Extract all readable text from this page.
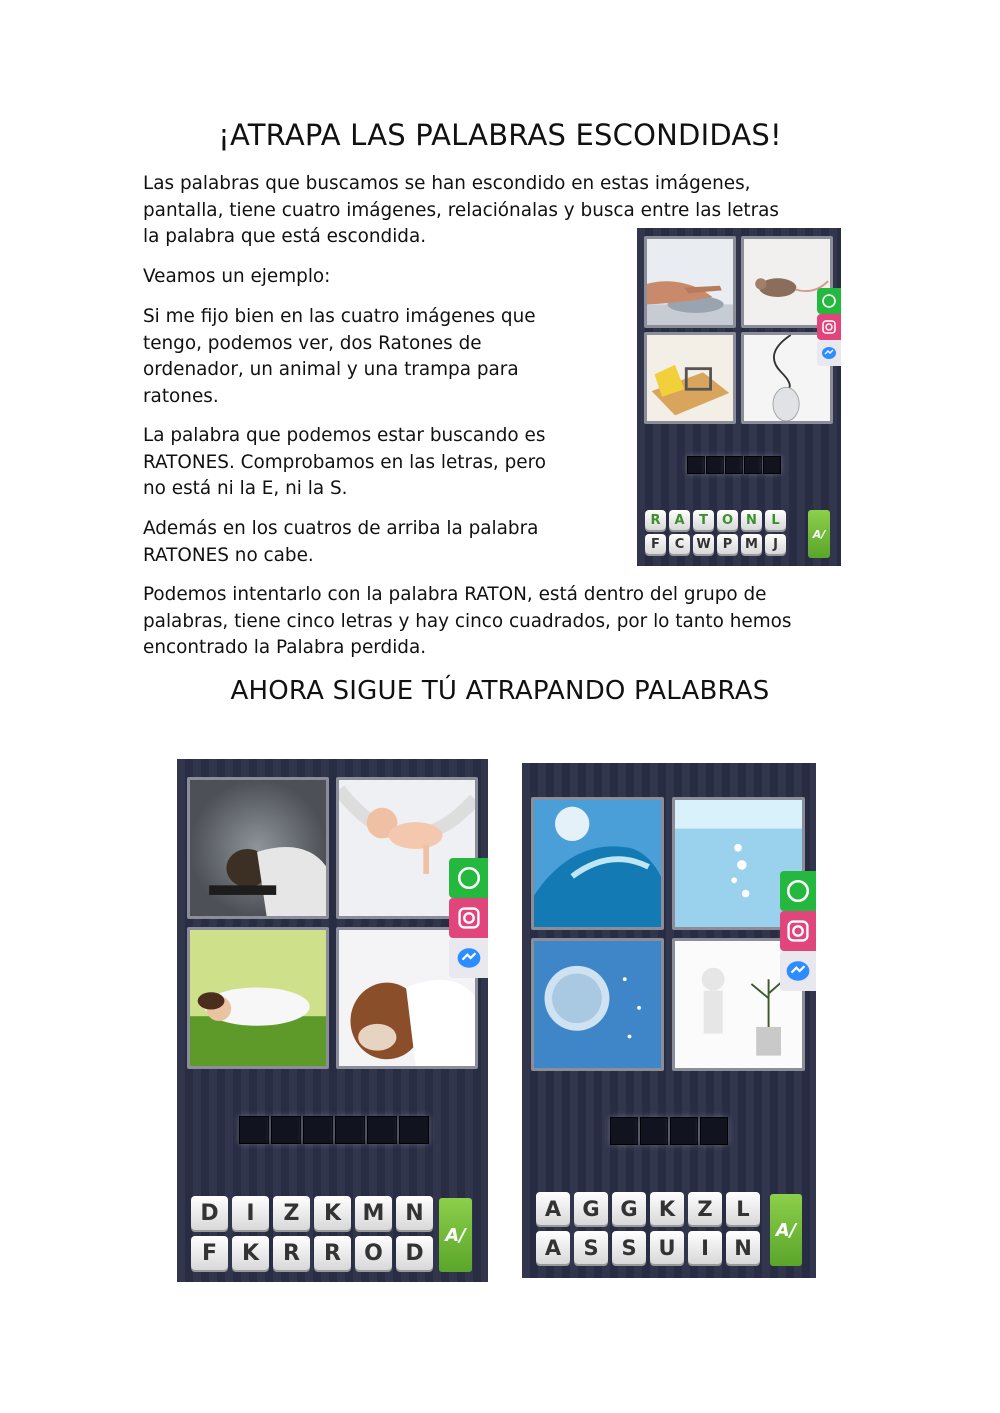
¡ATRAPA LAS PALABRAS ESCONDIDAS!

Las palabras que buscamos se han escondido en estas imágenes,
pantalla, tiene cuatro imágenes, relaciónalas y busca entre las letras
la palabra que está escondida.

Veamos un ejemplo:

Si me fijo bien en las cuatro imágenes que
tengo, podemos ver, dos Ratones de
ordenador, un animal y una trampa para
ratones.

La palabra que podemos estar buscando es
RATONES. Comprobamos en las letras, pero
no está ni la E, ni la S.

Además en los cuatros de arriba la palabra
RATONES no cabe.

Podemos intentarlo con la palabra RATON, está dentro del grupo de
palabras, tiene cinco letras y hay cinco cuadrados, por lo tanto hemos
encontrado la Palabra perdida.

AHORA SIGUE TÚ ATRAPANDO PALABRAS
R	A	T	O	N	L
F	C W P M	J
A/
D	I	Z	K M N
F	K	R	R	O	D
A/
A	G G	K	Z	L
A	S	S	U	I	N
A/
